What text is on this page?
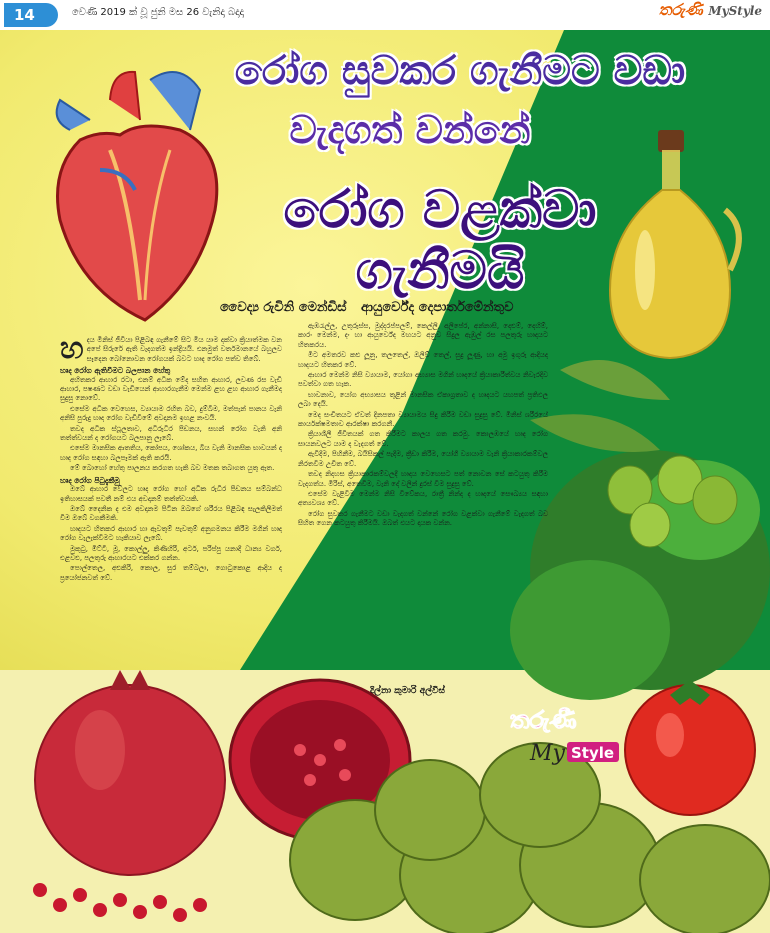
14	වෙණි 2019 ක් වූ ජුනි මස 26 වැනිදා බදාදා	තරුණි MyStyle
රෝග සුවකර ගැනීමට වඩා
වැදගත් වන්නේ
රෝග වළක්වා ගැනීමයි
වෛද්‍ය රුවිනි මෙන්ඩිස් ආයුර්වේද දෙපාර්තමේන්තුව
හ දය මිනිස් ජීවියා පිළිබඳ ගැනීමේ සිට මිය යාම දක්වා ක්‍රියාත්මක වන අපේ සිරුරේ ඇති වැදගත්ම ඉන්ද්‍රියයි. එනමුත් වර්තමානයේ බහුලව සෑදෙන බෝනොවන රෝගයක් බවට හෘද රෝග පත්ව තිබේ.
හෘද රෝග ඇතිවීමට බලපාන හේතු

අහිතකර ආහාර රටා, එනම් අධික මේද සහිත ආහාර, ලවණ රස වැඩි ආහාර, පෂණට වඩා වැඩියෙන් ආහාරගැනීම මෙන්ම ළහ ළහ ආහාර ගැනීමද සුදුසු නොවේ.

එසේම අධික වෙහෙස, ව්‍යායාම රහිත බව, දුම්බීම, මත්පැන් පානය වැනි අනිසි පුරුදු හෘද රෝග වැඩිවීමේ අවදානම ඉහළ නංවයි.

තවද අධික ස්ථූලතාව, අධිරුධිර පීඩනය, සහන් රෝග වැනි අනි තත්ත්වයන් ද රෝගයට බලපානු ලැබේ.

එසේම මානසික ආතතිය, කෝපය, ශෝකය, බිය වැනි මානසික භාවයන් ද හෘද රෝග සඳහා බලපෑමක් ඇති කරයි.

මේ බොහෝ හේතු පාලනය කරගත හැකි බව මතක තබාගත යුතු ඇත.

හෘද රෝග පිටුදැකීමු

ඔබේ ආහාර වේලට හෘද රෝග හෝ අධික රුධිර පීඩනය සම්බන්ධ ඉතිහාසයක් පවතී නම් එය අවදානම් තත්ත්වයකි.

ඔබේ දෛනික ද එම අවදානම පිටින ඔබගේ ශරීරය පිළිබඳ සැලකිලිමත් විම ඔබේ වගකීමකි.

හෘදයට හිතකර ආහාර හා ඇවතුම් පැවතුම් අනුගමනය කිරීම මගින් හෘද රෝග වැලැක්වීමට හැකියාව ලැබේ.

මුකුටු, මිට්ටී, මූ, කොල්ලු, කිණිහිරි, අර්ට, පරිප්පු යනාදී ධාන්‍ය වර්ග, එළවළු, පලතුරු ආහාරයට එක්කර ගන්න.

පොල්තෙල, අළුකිරි, කොල, සුර තම්බලා, ගොටුකොළ ආදිය ද ප්‍රයෝජනවත් වේ.

ඇඹරැල්ල, උතුරුස්ස, මුද්දරප්පලම්, කෙල්ලි, අලිපේර, අන්නාසි, දෙළුම්, දෙහිම්, කාරං මෙන්ම, දං හා ආයුර්වේද මහයට අනුව සිදුල ඇඹුල් රස පලතුරු හෘදයට හිතකරය.

මීට අමතරව කළු ලූනු, තලතෙල්, ඔලිව් තෙල්, සුදු ලූණු, හා අමු ඉගුරු ආදියද හෘදයට හිතකර වේ.

ආහාර මෙන්ම නිසි ව්‍යායාම, යෝගා අභ්‍යාස මගින් හෘදයේ ක්‍රියාකාරීත්වය නිවැරදිව පවත්වා ගත හැක.

භාවනාව, යෝග අභ්‍යාසය තුළින් මානසික ඒකාග්‍රතාව ද හෘදයට යහපත් ප්‍රතිඵල ලබා දෙයි.

මෙද සංචිතයට ඒවත් දිනපතා ව්‍යායාමය සිදු කිරීම වඩා සුදුසු වේ. මිනිස් ශරීරයේ කාර්යක්ෂමතාව ආරක්ෂා කරගනී.

ක්‍රියාශීලී ජීවිතයක් ගත කිරීමට කාලය ගත කරමු. කොලඹයේ හෘද රෝග සායනවලට යාම ද වැදගත් වේ.

ඇවිදීම, පිහිනීම, බයිසිකල් පැදීම, ක්‍රීඩා කිරීම, යෝගී ව්‍යායාම වැනි ක්‍රියාකාරකම්වල නිරතවීම උචිත වේ.

තවද නිදහස ක්‍රියාකාරකම්වලදී හෘදය වෙහෙසට පත් නොවන සේ කටයුතු කිරීම වැදගත්ය. මිරිස්, අතෙවිම, වැනි දේ වලින් දුරස් වීම සුදුසු වේ.

එසේම වැළිවීම මෙන්ම නිසි විවේකය, රාත්‍රී නින්ද ද හෘදයේ සෞඛ්‍යය සඳහා අත්‍යවශ්‍ය වේ.

රෝග සුවකර ගැනීමට වඩා වැදගත් වන්නේ රෝග වළක්වා ගැනීමේ වැදගත් බව සිහිත ගෙන කටයුතු කිරීමයි. ඔබත් එයට දායක වන්න.

දිල්නා කුමාරි අල්විස්
තරුණී
My Style
